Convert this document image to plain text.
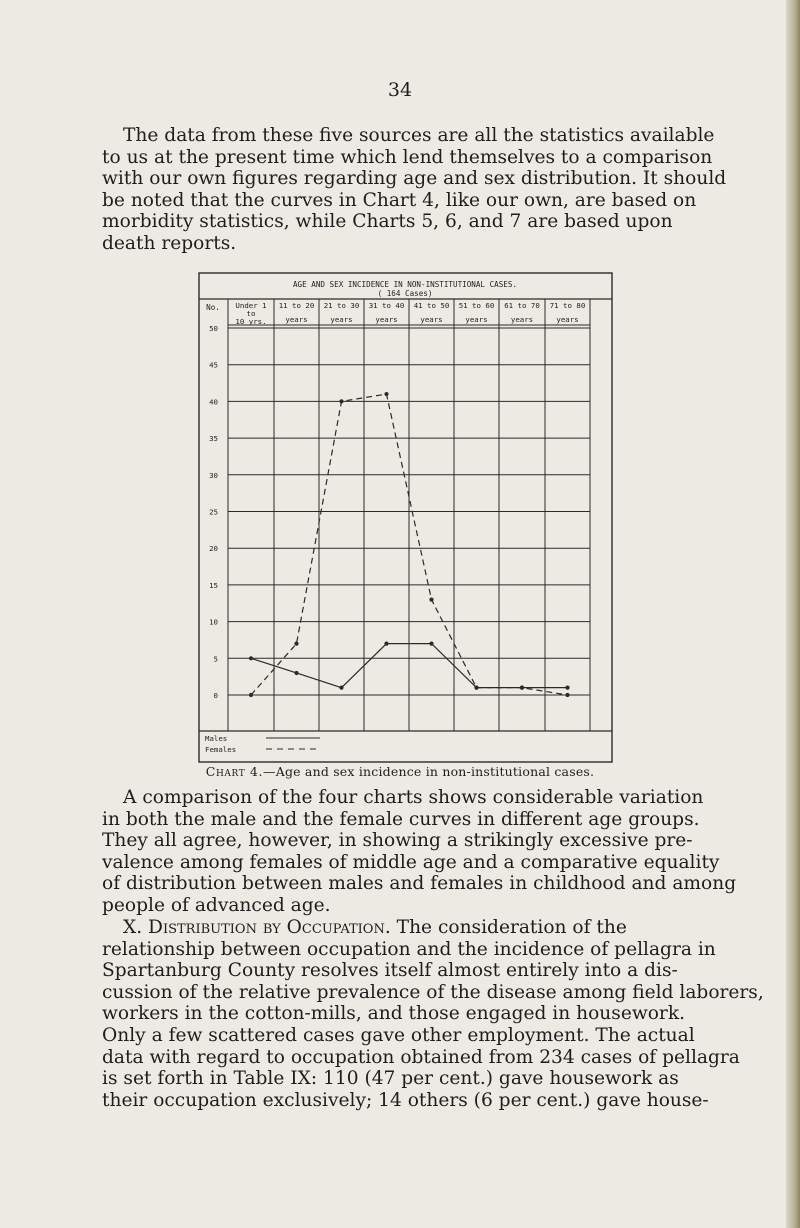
34

The data from these five sources are all the statistics available
to us at the present time which lend themselves to a comparison
with our own figures regarding age and sex distribution. It should
be noted that the curves in Chart 4, like our own, are based on
morbidity statistics, while Charts 5, 6, and 7 are based upon
death reports.

AGE AND SEX INCIDENCE IN NON-INSTITUTIONAL CASES.
( 164 Cases)
No. Under 1 to 10 yrs.
11 to 20 years
21 to 30 years
31 to 40 years
41 to 50 years
51 to 60 years
61 to 70 years
71 to 80 years
0
5
10
15
20
25
30
35
40
45
50
Males
Females
Chart 4.—Age and sex incidence in non-institutional cases.

A comparison of the four charts shows considerable variation
in both the male and the female curves in different age groups.
They all agree, however, in showing a strikingly excessive pre-
valence among females of middle age and a comparative equality
of distribution between males and females in childhood and among
people of advanced age.

X. Distribution by Occupation. The consideration of the
relationship between occupation and the incidence of pellagra in
Spartanburg County resolves itself almost entirely into a dis-
cussion of the relative prevalence of the disease among field laborers,
workers in the cotton-mills, and those engaged in housework.
Only a few scattered cases gave other employment. The actual
data with regard to occupation obtained from 234 cases of pellagra
is set forth in Table IX: 110 (47 per cent.) gave housework as
their occupation exclusively; 14 others (6 per cent.) gave house-
